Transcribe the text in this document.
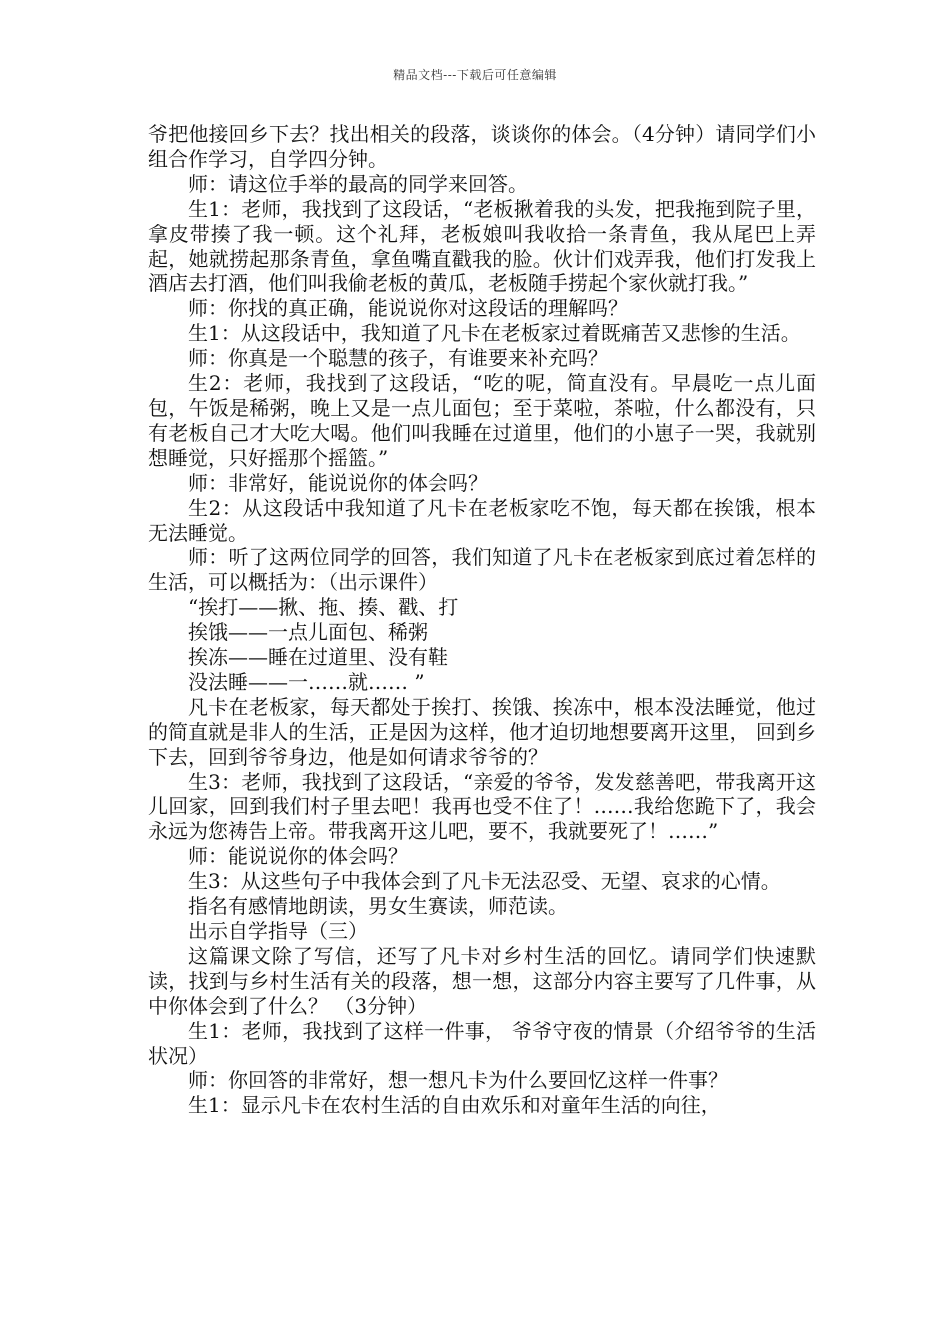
精品文档---下载后可任意编辑

爷把他接回乡下去？找出相关的段落，谈谈你的体会。（4分钟）请同学们小组合作学习，自学四分钟。

师：请这位手举的最高的同学来回答。

生1：老师，我找到了这段话，“老板揪着我的头发，把我拖到院子里，拿皮带揍了我一顿。这个礼拜，老板娘叫我收拾一条青鱼，我从尾巴上弄起，她就捞起那条青鱼，拿鱼嘴直戳我的脸。伙计们戏弄我，他们打发我上酒店去打酒，他们叫我偷老板的黄瓜，老板随手捞起个家伙就打我。”

师：你找的真正确，能说说你对这段话的理解吗？

生1：从这段话中，我知道了凡卡在老板家过着既痛苦又悲惨的生活。

师：你真是一个聪慧的孩子，有谁要来补充吗？

生2：老师，我找到了这段话，“吃的呢，简直没有。早晨吃一点儿面包，午饭是稀粥，晚上又是一点儿面包；至于菜啦，茶啦，什么都没有，只有老板自己才大吃大喝。他们叫我睡在过道里，他们的小崽子一哭，我就别想睡觉，只好摇那个摇篮。”

师：非常好，能说说你的体会吗？

生2：从这段话中我知道了凡卡在老板家吃不饱，每天都在挨饿，根本无法睡觉。

师：听了这两位同学的回答，我们知道了凡卡在老板家到底过着怎样的生活，可以概括为：（出示课件）

“挨打——揪、拖、揍、戳、打

挨饿——一点儿面包、稀粥

挨冻——睡在过道里、没有鞋

没法睡——一……就…… ”

凡卡在老板家，每天都处于挨打、挨饿、挨冻中，根本没法睡觉，他过的简直就是非人的生活，正是因为这样，他才迫切地想要离开这里， 回到乡下去，回到爷爷身边，他是如何请求爷爷的？

生3：老师，我找到了这段话，“亲爱的爷爷，发发慈善吧，带我离开这儿回家，回到我们村子里去吧！我再也受不住了！……我给您跪下了，我会永远为您祷告上帝。带我离开这儿吧，要不，我就要死了！……”

师：能说说你的体会吗？

生3：从这些句子中我体会到了凡卡无法忍受、无望、哀求的心情。

指名有感情地朗读，男女生赛读，师范读。

出示自学指导（三）

这篇课文除了写信，还写了凡卡对乡村生活的回忆。请同学们快速默读，找到与乡村生活有关的段落，想一想，这部分内容主要写了几件事，从中你体会到了什么？ （3分钟）

生1：老师，我找到了这样一件事， 爷爷守夜的情景（介绍爷爷的生活状况）

师：你回答的非常好，想一想凡卡为什么要回忆这样一件事？

生1：显示凡卡在农村生活的自由欢乐和对童年生活的向往，
